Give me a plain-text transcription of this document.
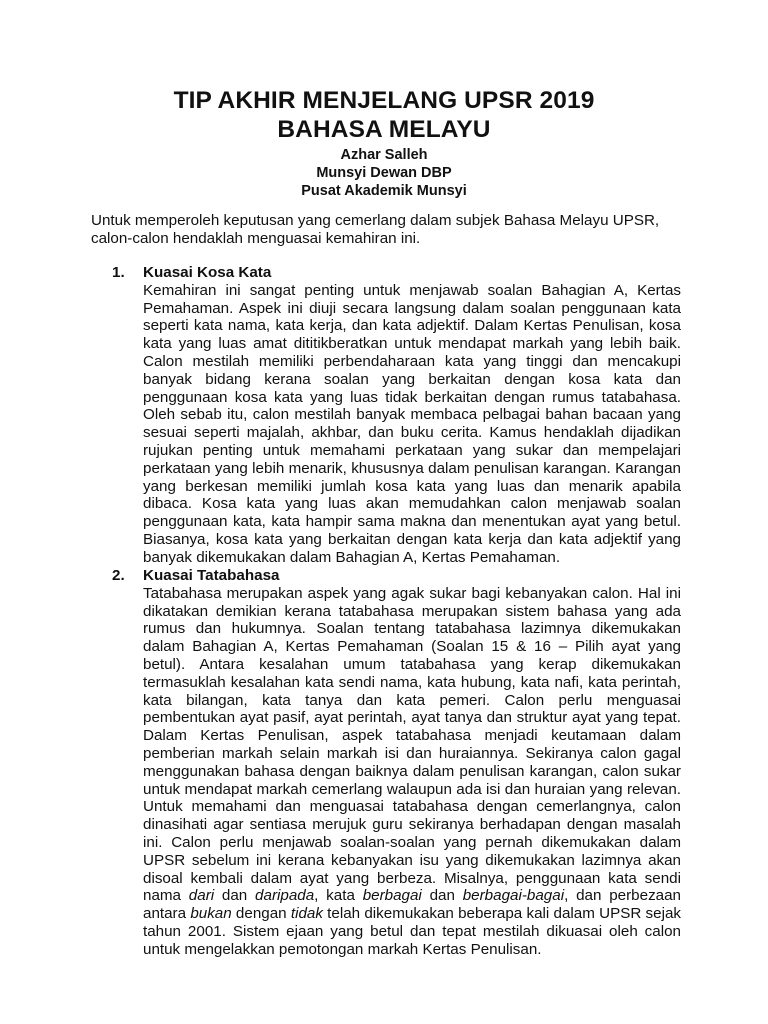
TIP AKHIR MENJELANG UPSR 2019
BAHASA MELAYU
Azhar Salleh
Munsyi Dewan DBP
Pusat Akademik Munsyi
Untuk memperoleh keputusan yang cemerlang dalam subjek Bahasa Melayu UPSR, calon-calon hendaklah menguasai kemahiran ini.
1.	Kuasai Kosa Kata

Kemahiran ini sangat penting untuk menjawab soalan Bahagian A, Kertas Pemahaman. Aspek ini diuji secara langsung dalam soalan penggunaan kata seperti kata nama, kata kerja, dan kata adjektif. Dalam Kertas Penulisan, kosa kata yang luas amat dititikberatkan untuk mendapat markah yang lebih baik. Calon mestilah memiliki perbendaharaan kata yang tinggi dan mencakupi banyak bidang kerana soalan yang berkaitan dengan kosa kata dan penggunaan kosa kata yang luas tidak berkaitan dengan rumus tatabahasa. Oleh sebab itu, calon mestilah banyak membaca pelbagai bahan bacaan yang sesuai seperti majalah, akhbar, dan buku cerita. Kamus hendaklah dijadikan rujukan penting untuk memahami perkataan yang sukar dan mempelajari perkataan yang lebih menarik, khususnya dalam penulisan karangan. Karangan yang berkesan memiliki jumlah kosa kata yang luas dan menarik apabila dibaca. Kosa kata yang luas akan memudahkan calon menjawab soalan penggunaan kata, kata hampir sama makna dan menentukan ayat yang betul. Biasanya, kosa kata yang berkaitan dengan kata kerja dan kata adjektif yang banyak dikemukakan dalam Bahagian A, Kertas Pemahaman.

2.	Kuasai Tatabahasa

Tatabahasa merupakan aspek yang agak sukar bagi kebanyakan calon. Hal ini dikatakan demikian kerana tatabahasa merupakan sistem bahasa yang ada rumus dan hukumnya. Soalan tentang tatabahasa lazimnya dikemukakan dalam Bahagian A, Kertas Pemahaman (Soalan 15 & 16 – Pilih ayat yang betul). Antara kesalahan umum tatabahasa yang kerap dikemukakan termasuklah kesalahan kata sendi nama, kata hubung, kata nafi, kata perintah, kata bilangan, kata tanya dan kata pemeri. Calon perlu menguasai pembentukan ayat pasif, ayat perintah, ayat tanya dan struktur ayat yang tepat. Dalam Kertas Penulisan, aspek tatabahasa menjadi keutamaan dalam pemberian markah selain markah isi dan huraiannya. Sekiranya calon gagal menggunakan bahasa dengan baiknya dalam penulisan karangan, calon sukar untuk mendapat markah cemerlang walaupun ada isi dan huraian yang relevan. Untuk memahami dan menguasai tatabahasa dengan cemerlangnya, calon dinasihati agar sentiasa merujuk guru sekiranya berhadapan dengan masalah ini. Calon perlu menjawab soalan-soalan yang pernah dikemukakan dalam UPSR sebelum ini kerana kebanyakan isu yang dikemukakan lazimnya akan disoal kembali dalam ayat yang berbeza. Misalnya, penggunaan kata sendi nama dari dan daripada, kata berbagai dan berbagai-bagai, dan perbezaan antara bukan dengan tidak telah dikemukakan beberapa kali dalam UPSR sejak tahun 2001. Sistem ejaan yang betul dan tepat mestilah dikuasai oleh calon untuk mengelakkan pemotongan markah Kertas Penulisan.
